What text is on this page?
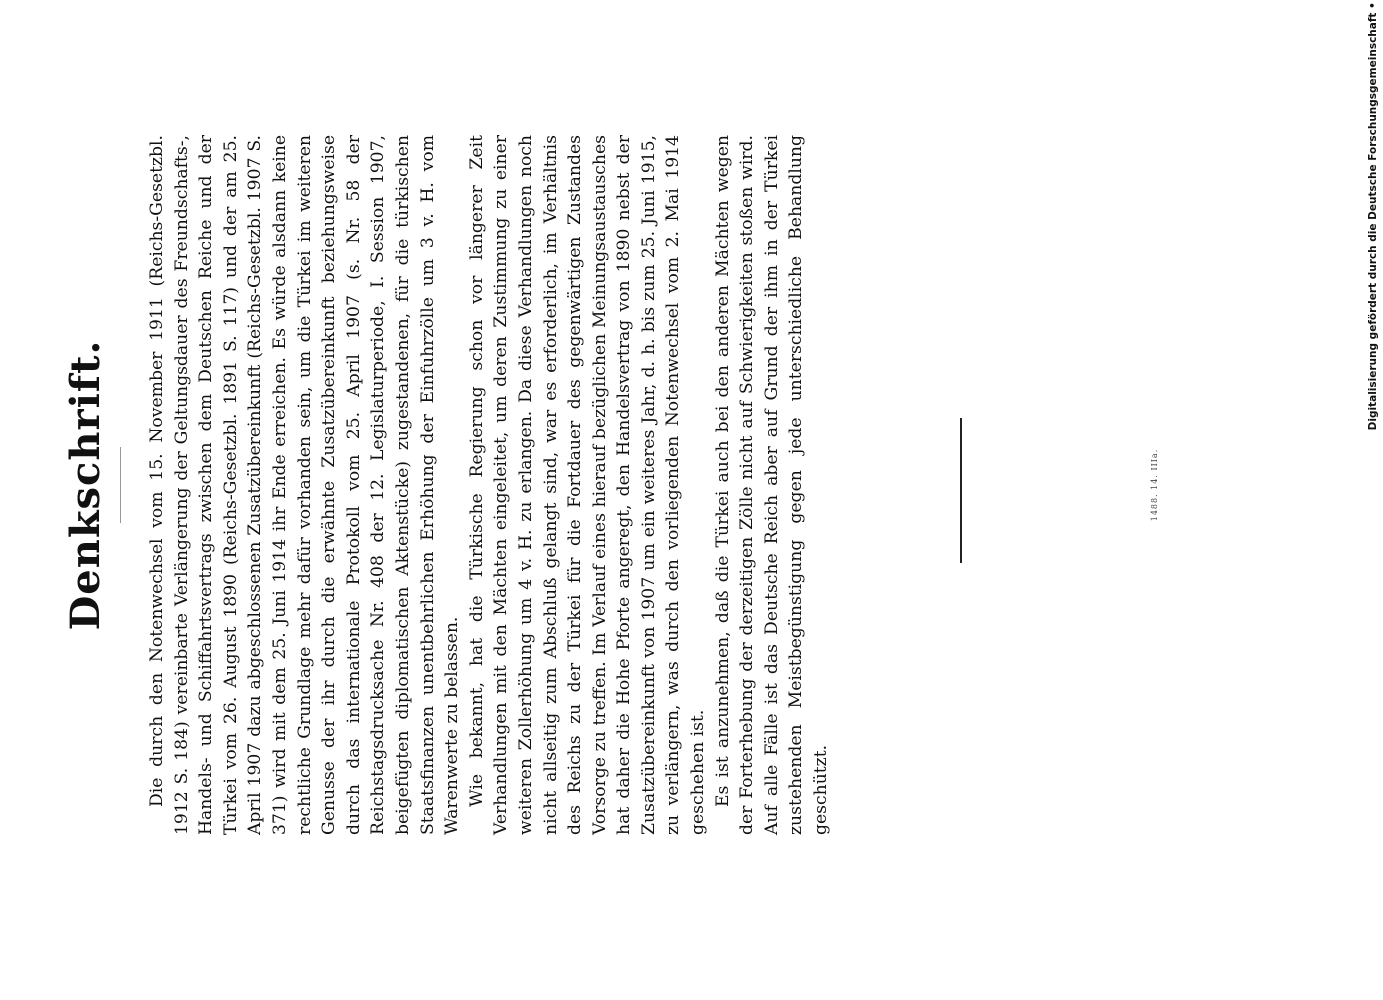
Denkschrift. Die durch den Notenwechsel vom 15. November 1911 (Reichs-Gesetzbl. 1912 S. 184) vereinbarte Verlängerung der Geltungsdauer des Freundschafts-, Handels- und Schiffahrtsvertrags zwischen dem Deutschen Reiche und der Türkei vom 26. August 1890 (Reichs-Gesetzbl. 1891 S. 117) und der am 25. April 1907 dazu abgeschlossenen Zusatzübereinkunft (Reichs-Gesetzbl. 1907 S. 371) wird mit dem 25. Juni 1914 ihr Ende erreichen. Es würde alsdann keine rechtliche Grundlage mehr dafür vorhanden sein, um die Türkei im weiteren Genusse der ihr durch die erwähnte Zusatzübereinkunft beziehungsweise durch das internationale Protokoll vom 25. April 1907 (s. Nr. 58 der Reichstagsdrucksache Nr. 408 der 12. Legislaturperiode, I. Session 1907, beigefügten diplomatischen Aktenstücke) zugestandenen, für die türkischen Staatsfinanzen unentbehrlichen Erhöhung der Einfuhrzölle um 3 v. H. vom Warenwerte zu belassen. Wie bekannt, hat die Türkische Regierung schon vor längerer Zeit Verhandlungen mit den Mächten eingeleitet, um deren Zustimmung zu einer weiteren Zollerhöhung um 4 v. H. zu erlangen. Da diese Verhandlungen noch nicht allseitig zum Abschluß gelangt sind, war es erforderlich, im Verhältnis des Reichs zu der Türkei für die Fortdauer des gegenwärtigen Zustandes Vorsorge zu treffen. Im Verlauf eines hierauf bezüglichen Meinungsaustausches hat daher die Hohe Pforte angeregt, den Handelsvertrag von 1890 nebst der Zusatzübereinkunft von 1907 um ein weiteres Jahr, d. h. bis zum 25. Juni 1915, zu verlängern, was durch den vorliegenden Notenwechsel vom 2. Mai 1914 geschehen ist. Es ist anzunehmen, daß die Türkei auch bei den anderen Mächten wegen der Forterhebung der derzeitigen Zölle nicht auf Schwierigkeiten stoßen wird. Auf alle Fälle ist das Deutsche Reich aber auf Grund der ihm in der Türkei zustehenden Meistbegünstigung gegen jede unterschiedliche Behandlung geschützt.

1488. 14. IIIa.
Digitalisierung gefördert durch die Deutsche Forschungsgemeinschaft •
